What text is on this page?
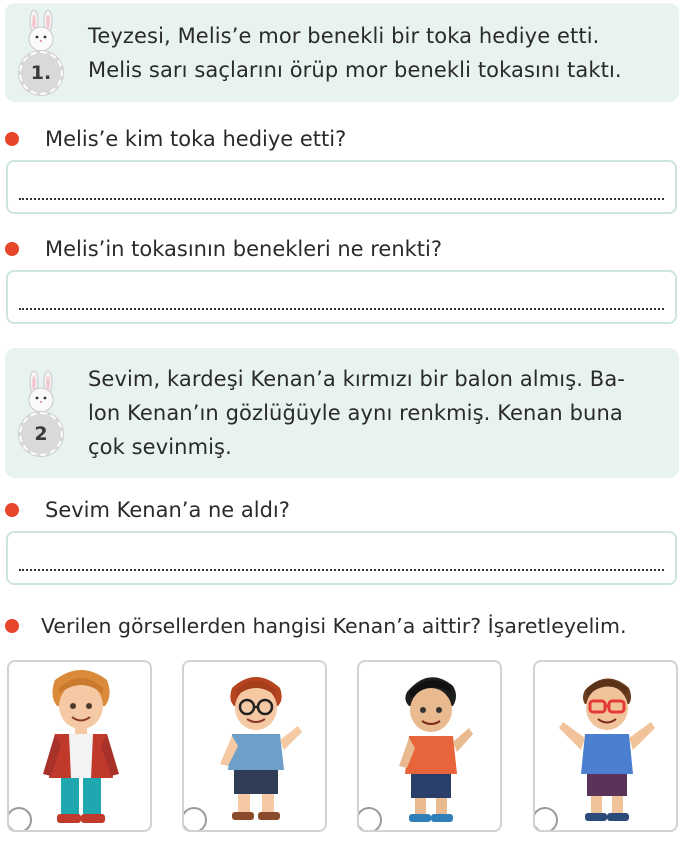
1.
Teyzesi, Melis’e mor benekli bir toka hediye etti.
Melis sarı saçlarını örüp mor benekli tokasını taktı.
Melis’e kim toka hediye etti?
Melis’in tokasının benekleri ne renkti?
2
Sevim, kardeşi Kenan’a kırmızı bir balon almış. Ba-
lon Kenan’ın gözlüğüyle aynı renkmiş. Kenan buna
çok sevinmiş.
Sevim Kenan’a ne aldı?
Verilen görsellerden hangisi Kenan’a aittir? İşaretleyelim.
